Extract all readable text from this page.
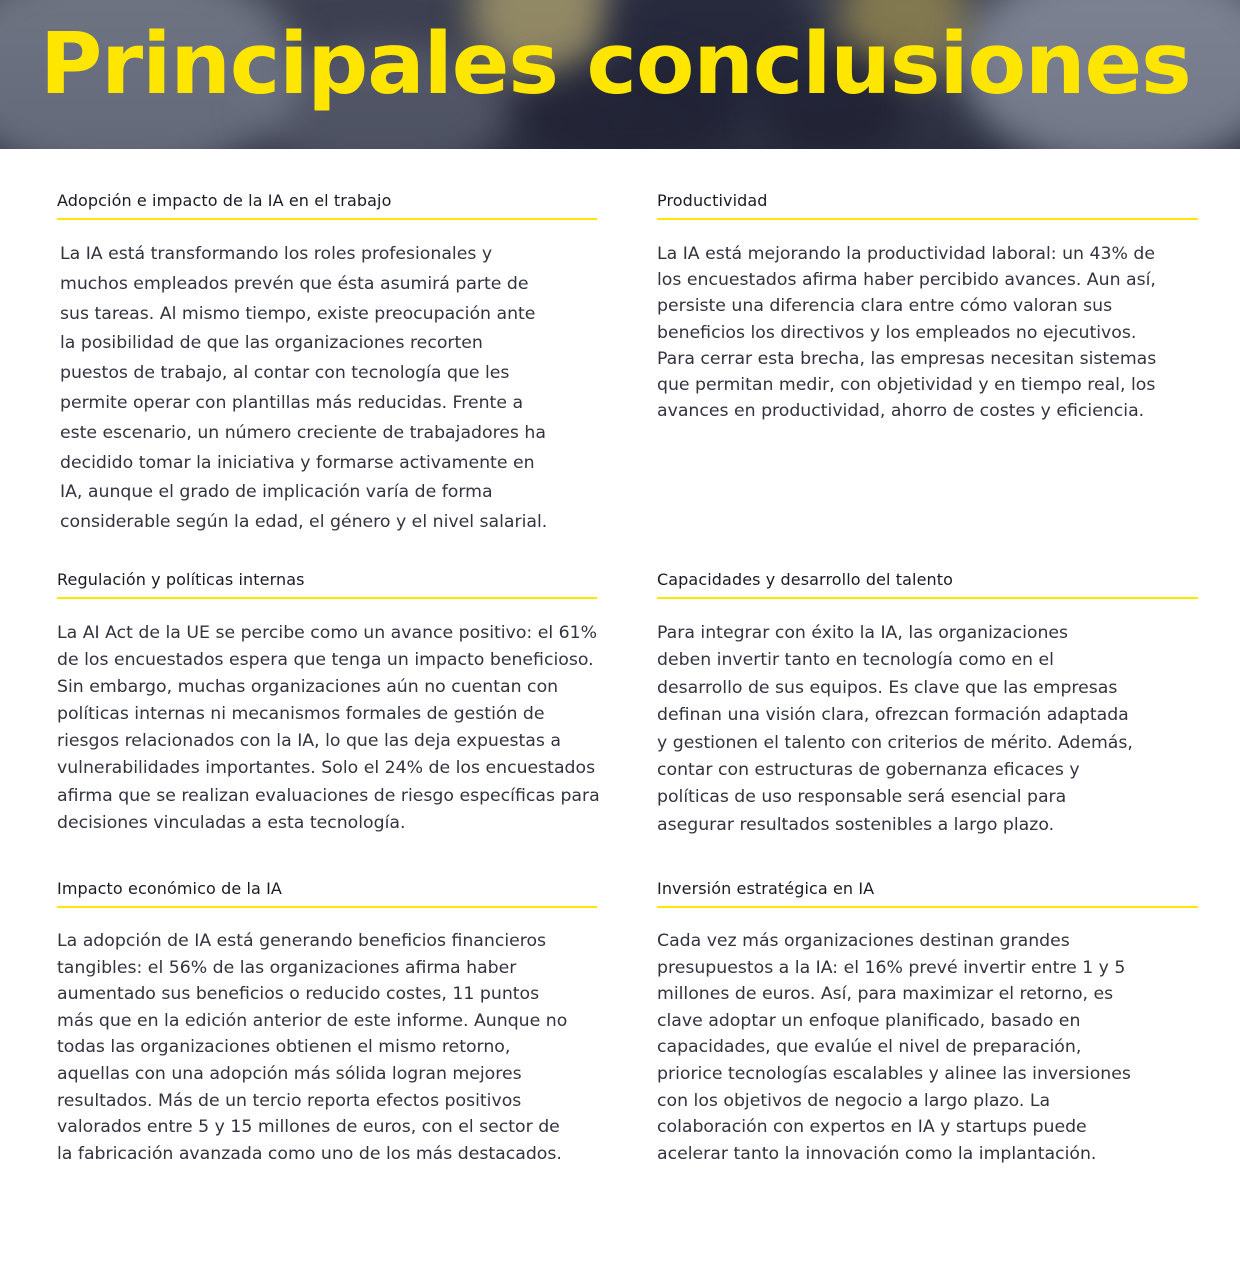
Principales conclusiones
Adopción e impacto de la IA en el trabajo

La IA está transformando los roles profesionales y
muchos empleados prevén que ésta asumirá parte de
sus tareas. Al mismo tiempo, existe preocupación ante
la posibilidad de que las organizaciones recorten
puestos de trabajo, al contar con tecnología que les
permite operar con plantillas más reducidas. Frente a
este escenario, un número creciente de trabajadores ha
decidido tomar la iniciativa y formarse activamente en
IA, aunque el grado de implicación varía de forma
considerable según la edad, el género y el nivel salarial.

Productividad

La IA está mejorando la productividad laboral: un 43% de
los encuestados afirma haber percibido avances. Aun así,
persiste una diferencia clara entre cómo valoran sus
beneficios los directivos y los empleados no ejecutivos.
Para cerrar esta brecha, las empresas necesitan sistemas
que permitan medir, con objetividad y en tiempo real, los
avances en productividad, ahorro de costes y eficiencia.

Regulación y políticas internas

La AI Act de la UE se percibe como un avance positivo: el 61%
de los encuestados espera que tenga un impacto beneficioso.
Sin embargo, muchas organizaciones aún no cuentan con
políticas internas ni mecanismos formales de gestión de
riesgos relacionados con la IA, lo que las deja expuestas a
vulnerabilidades importantes. Solo el 24% de los encuestados
afirma que se realizan evaluaciones de riesgo específicas para
decisiones vinculadas a esta tecnología.

Capacidades y desarrollo del talento

Para integrar con éxito la IA, las organizaciones
deben invertir tanto en tecnología como en el
desarrollo de sus equipos. Es clave que las empresas
definan una visión clara, ofrezcan formación adaptada
y gestionen el talento con criterios de mérito. Además,
contar con estructuras de gobernanza eficaces y
políticas de uso responsable será esencial para
asegurar resultados sostenibles a largo plazo.

Impacto económico de la IA

La adopción de IA está generando beneficios financieros
tangibles: el 56% de las organizaciones afirma haber
aumentado sus beneficios o reducido costes, 11 puntos
más que en la edición anterior de este informe. Aunque no
todas las organizaciones obtienen el mismo retorno,
aquellas con una adopción más sólida logran mejores
resultados. Más de un tercio reporta efectos positivos
valorados entre 5 y 15 millones de euros, con el sector de
la fabricación avanzada como uno de los más destacados.

Inversión estratégica en IA

Cada vez más organizaciones destinan grandes
presupuestos a la IA: el 16% prevé invertir entre 1 y 5
millones de euros. Así, para maximizar el retorno, es
clave adoptar un enfoque planificado, basado en
capacidades, que evalúe el nivel de preparación,
priorice tecnologías escalables y alinee las inversiones
con los objetivos de negocio a largo plazo. La
colaboración con expertos en IA y startups puede
acelerar tanto la innovación como la implantación.
